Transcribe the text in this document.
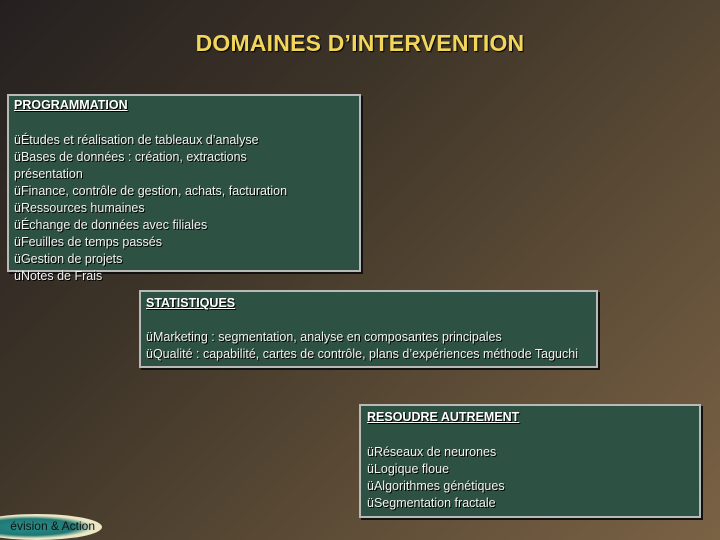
DOMAINES D’INTERVENTION
PROGRAMMATION
üÉtudes et réalisation de tableaux d’analyse
üBases de données : création, extractions
présentation
üFinance, contrôle de gestion, achats, facturation
üRessources humaines
üÉchange de données avec filiales
üFeuilles de temps passés
üGestion de projets
üNotes de Frais
STATISTIQUES
üMarketing : segmentation, analyse en composantes principales
üQualité : capabilité, cartes de contrôle, plans d’expériences méthode Taguchi
RESOUDRE AUTREMENT
üRéseaux de neurones
üLogique floue
üAlgorithmes génétiques
üSegmentation fractale
évision & Action
